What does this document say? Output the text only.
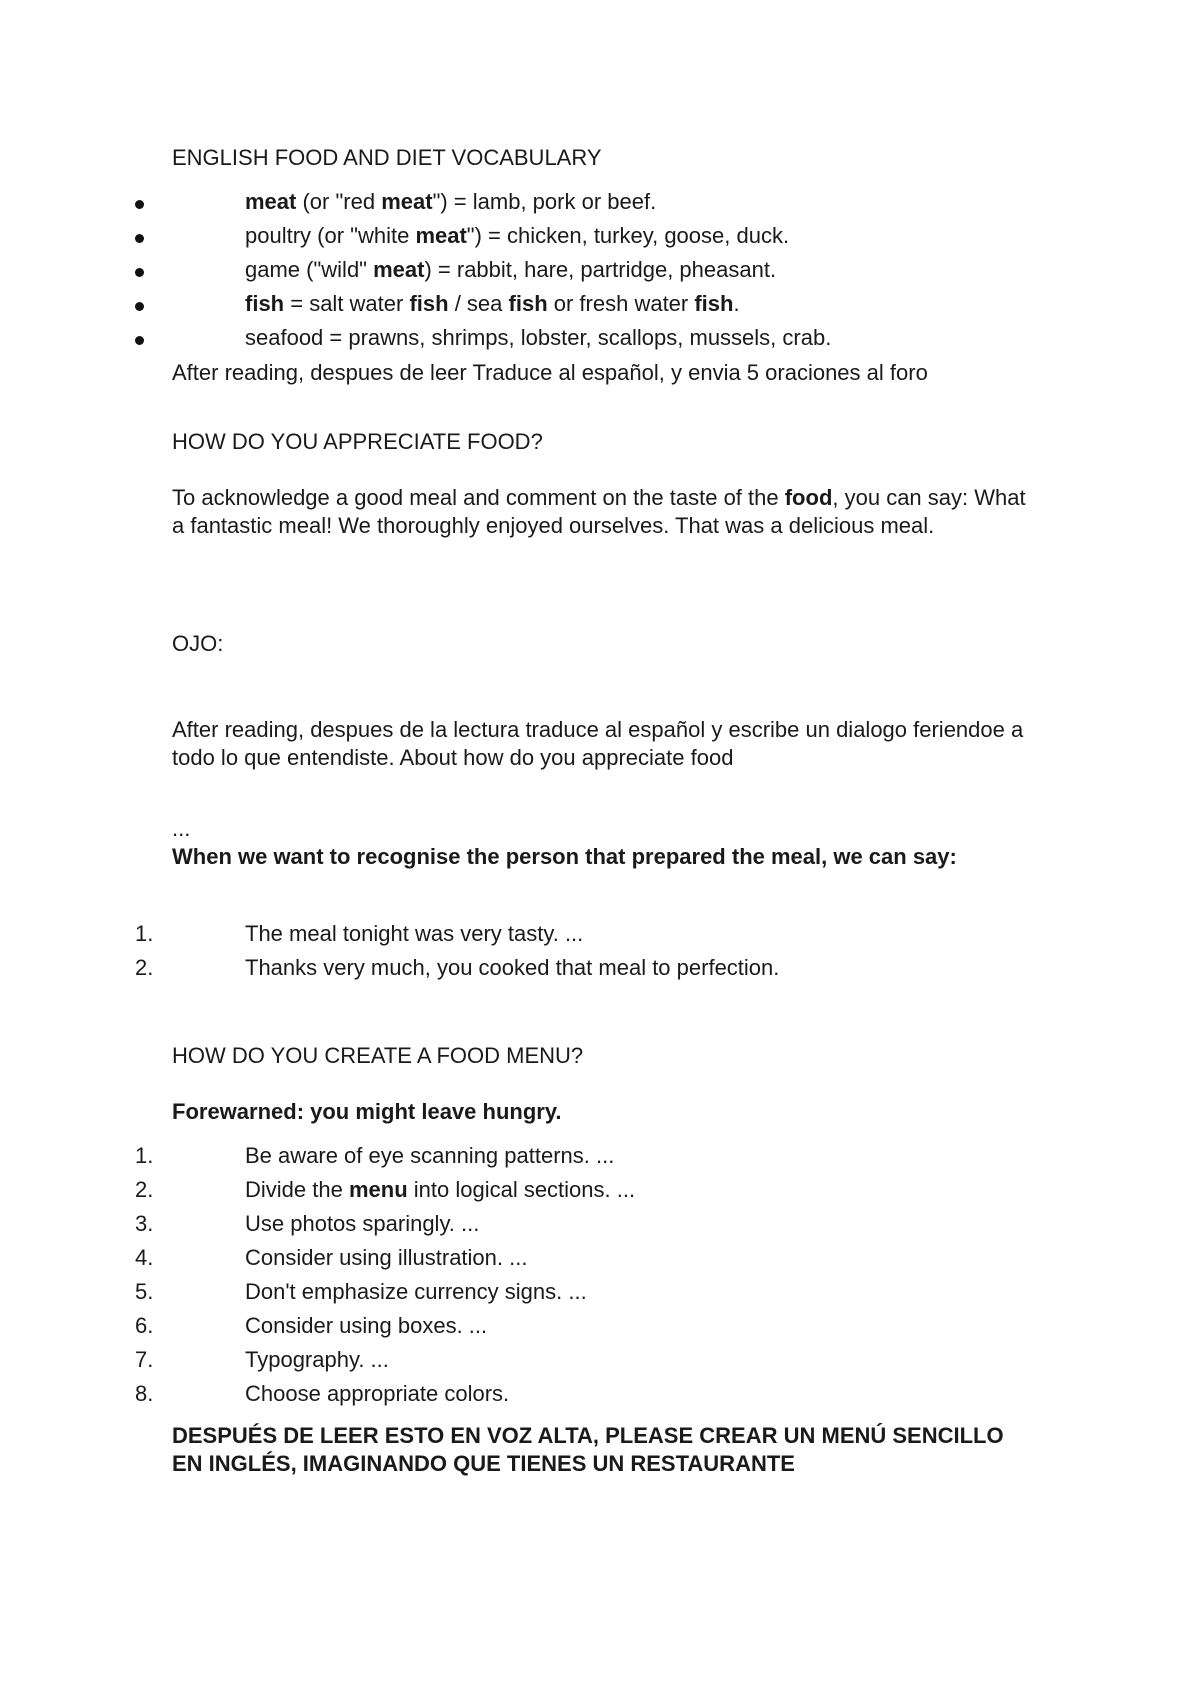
ENGLISH FOOD AND DIET VOCABULARY
meat (or "red meat") = lamb, pork or beef.
poultry (or "white meat") = chicken, turkey, goose, duck.
game ("wild" meat) = rabbit, hare, partridge, pheasant.
fish = salt water fish / sea fish or fresh water fish.
seafood = prawns, shrimps, lobster, scallops, mussels, crab.
After reading, despues de leer Traduce al español, y envia 5 oraciones al foro
HOW DO YOU APPRECIATE FOOD?
To acknowledge a good meal and comment on the taste of the food, you can say: What a fantastic meal! We thoroughly enjoyed ourselves. That was a delicious meal.
OJO:
After reading, despues de la lectura traduce al español y escribe un dialogo feriendoe a todo lo que entendiste. About how do you appreciate food
...
When we want to recognise the person that prepared the meal, we can say:
1.	The meal tonight was very tasty. ...
2.	Thanks very much, you cooked that meal to perfection.
HOW DO YOU CREATE A FOOD MENU?
Forewarned: you might leave hungry.
1.	Be aware of eye scanning patterns. ...
2.	Divide the menu into logical sections. ...
3.	Use photos sparingly. ...
4.	Consider using illustration. ...
5.	Don't emphasize currency signs. ...
6.	Consider using boxes. ...
7.	Typography. ...
8.	Choose appropriate colors.
DESPUÉS DE LEER ESTO EN VOZ ALTA, PLEASE CREAR UN MENÚ SENCILLO EN INGLÉS, IMAGINANDO QUE TIENES UN RESTAURANTE
